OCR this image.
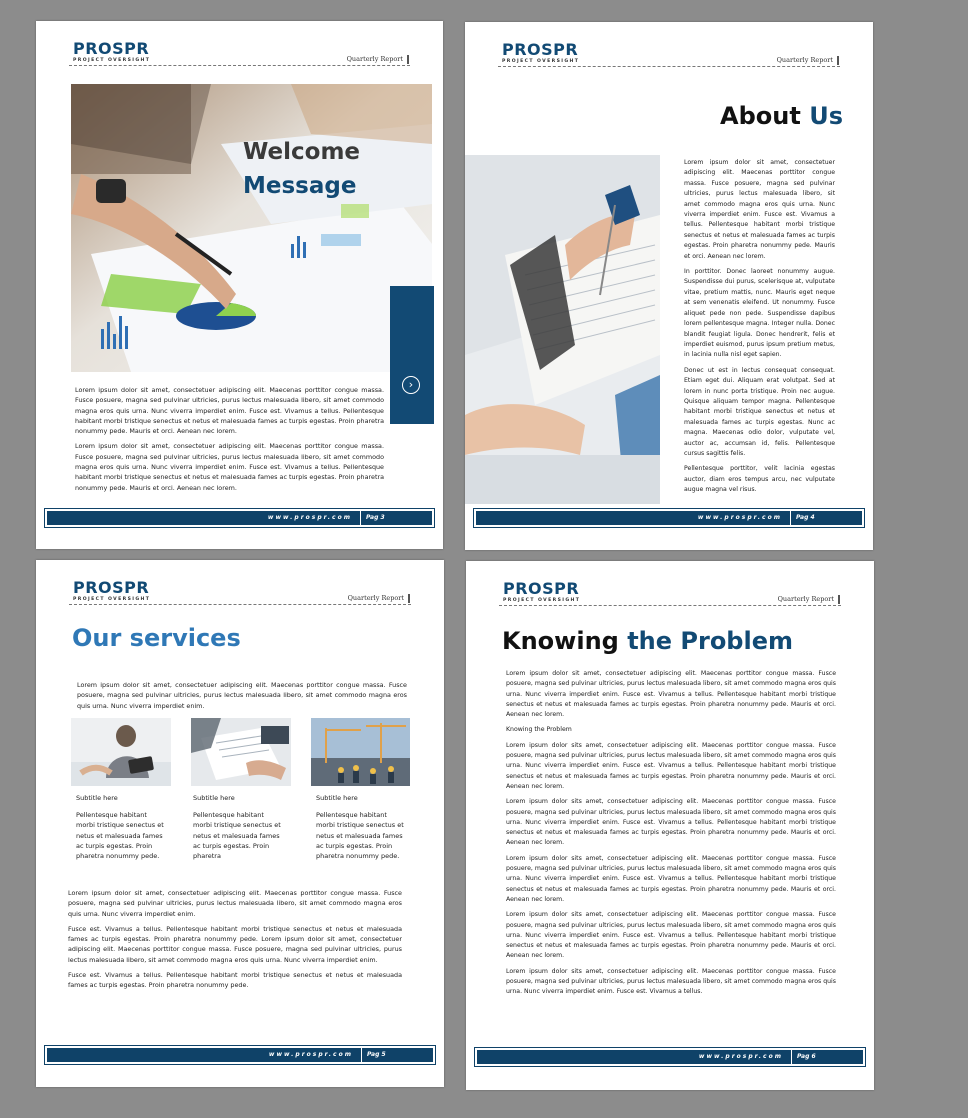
PROSPR
PROJECT OVERSIGHT	Quarterly Report
Welcome
Message
›

Lorem ipsum dolor sit amet, consectetuer adipiscing elit. Maecenas porttitor congue massa. Fusce posuere, magna sed pulvinar ultricies, purus lectus malesuada libero, sit amet commodo magna eros quis urna. Nunc viverra imperdiet enim. Fusce est. Vivamus a tellus. Pellentesque habitant morbi tristique senectus et netus et malesuada fames ac turpis egestas. Proin pharetra nonummy pede. Mauris et orci. Aenean nec lorem.

Lorem ipsum dolor sit amet, consectetuer adipiscing elit. Maecenas porttitor congue massa. Fusce posuere, magna sed pulvinar ultricies, purus lectus malesuada libero, sit amet commodo magna eros quis urna. Nunc viverra imperdiet enim. Fusce est. Vivamus a tellus. Pellentesque habitant morbi tristique senectus et netus et malesuada fames ac turpis egestas. Proin pharetra nonummy pede. Mauris et orci. Aenean nec lorem.

www.prospr.com	Pag 3
PROSPR
PROJECT OVERSIGHT	Quarterly Report
About Us

Lorem ipsum dolor sit amet, consectetuer adipiscing elit. Maecenas porttitor congue massa. Fusce posuere, magna sed pulvinar ultricies, purus lectus malesuada libero, sit amet commodo magna eros quis urna. Nunc viverra imperdiet enim. Fusce est. Vivamus a tellus. Pellentesque habitant morbi tristique senectus et netus et malesuada fames ac turpis egestas. Proin pharetra nonummy pede. Mauris et orci. Aenean nec lorem.

In porttitor. Donec laoreet nonummy augue. Suspendisse dui purus, scelerisque at, vulputate vitae, pretium mattis, nunc. Mauris eget neque at sem venenatis eleifend. Ut nonummy. Fusce aliquet pede non pede. Suspendisse dapibus lorem pellentesque magna. Integer nulla. Donec blandit feugiat ligula. Donec hendrerit, felis et imperdiet euismod, purus ipsum pretium metus, in lacinia nulla nisl eget sapien.

Donec ut est in lectus consequat consequat. Etiam eget dui. Aliquam erat volutpat. Sed at lorem in nunc porta tristique. Proin nec augue. Quisque aliquam tempor magna. Pellentesque habitant morbi tristique senectus et netus et malesuada fames ac turpis egestas. Nunc ac magna. Maecenas odio dolor, vulputate vel, auctor ac, accumsan id, felis. Pellentesque cursus sagittis felis.

Pellentesque porttitor, velit lacinia egestas auctor, diam eros tempus arcu, nec vulputate augue magna vel risus.

www.prospr.com	Pag 4
PROSPR
PROJECT OVERSIGHT	Quarterly Report
Our services

Lorem ipsum dolor sit amet, consectetuer adipiscing elit. Maecenas porttitor congue massa. Fusce posuere, magna sed pulvinar ultricies, purus lectus malesuada libero, sit amet commodo magna eros quis urna. Nunc viverra imperdiet enim.

Subtitle here	Subtitle here	Subtitle here
Pellentesque habitant morbi tristique senectus et netus et malesuada fames ac turpis egestas. Proin pharetra nonummy pede.
Pellentesque habitant morbi tristique senectus et netus et malesuada fames ac turpis egestas. Proin pharetra
Pellentesque habitant morbi tristique senectus et netus et malesuada fames ac turpis egestas. Proin pharetra nonummy pede.

Lorem ipsum dolor sit amet, consectetuer adipiscing elit. Maecenas porttitor congue massa. Fusce posuere, magna sed pulvinar ultricies, purus lectus malesuada libero, sit amet commodo magna eros quis urna. Nunc viverra imperdiet enim.

Fusce est. Vivamus a tellus. Pellentesque habitant morbi tristique senectus et netus et malesuada fames ac turpis egestas. Proin pharetra nonummy pede. Lorem ipsum dolor sit amet, consectetuer adipiscing elit. Maecenas porttitor congue massa. Fusce posuere, magna sed pulvinar ultricies, purus lectus malesuada libero, sit amet commodo magna eros quis urna. Nunc viverra imperdiet enim.

Fusce est. Vivamus a tellus. Pellentesque habitant morbi tristique senectus et netus et malesuada fames ac turpis egestas. Proin pharetra nonummy pede.

www.prospr.com	Pag 5
PROSPR
PROJECT OVERSIGHT	Quarterly Report
Knowing the Problem

Lorem ipsum dolor sit amet, consectetuer adipiscing elit. Maecenas porttitor congue massa. Fusce posuere, magna sed pulvinar ultricies, purus lectus malesuada libero, sit amet commodo magna eros quis urna. Nunc viverra imperdiet enim. Fusce est. Vivamus a tellus. Pellentesque habitant morbi tristique senectus et netus et malesuada fames ac turpis egestas. Proin pharetra nonummy pede. Mauris et orci. Aenean nec lorem.

Knowing the Problem

Lorem ipsum dolor sits amet, consectetuer adipiscing elit. Maecenas porttitor congue massa. Fusce posuere, magna sed pulvinar ultricies, purus lectus malesuada libero, sit amet commodo magna eros quis urna. Nunc viverra imperdiet enim. Fusce est. Vivamus a tellus. Pellentesque habitant morbi tristique senectus et netus et malesuada fames ac turpis egestas. Proin pharetra nonummy pede. Mauris et orci. Aenean nec lorem.

Lorem ipsum dolor sits amet, consectetuer adipiscing elit. Maecenas porttitor congue massa. Fusce posuere, magna sed pulvinar ultricies, purus lectus malesuada libero, sit amet commodo magna eros quis urna. Nunc viverra imperdiet enim. Fusce est. Vivamus a tellus. Pellentesque habitant morbi tristique senectus et netus et malesuada fames ac turpis egestas. Proin pharetra nonummy pede. Mauris et orci. Aenean nec lorem.

Lorem ipsum dolor sits amet, consectetuer adipiscing elit. Maecenas porttitor congue massa. Fusce posuere, magna sed pulvinar ultricies, purus lectus malesuada libero, sit amet commodo magna eros quis urna. Nunc viverra imperdiet enim. Fusce est. Vivamus a tellus. Pellentesque habitant morbi tristique senectus et netus et malesuada fames ac turpis egestas. Proin pharetra nonummy pede. Mauris et orci. Aenean nec lorem.

Lorem ipsum dolor sits amet, consectetuer adipiscing elit. Maecenas porttitor congue massa. Fusce posuere, magna sed pulvinar ultricies, purus lectus malesuada libero, sit amet commodo magna eros quis urna. Nunc viverra imperdiet enim. Fusce est. Vivamus a tellus. Pellentesque habitant morbi tristique senectus et netus et malesuada fames ac turpis egestas. Proin pharetra nonummy pede. Mauris et orci. Aenean nec lorem.

Lorem ipsum dolor sits amet, consectetuer adipiscing elit. Maecenas porttitor congue massa. Fusce posuere, magna sed pulvinar ultricies, purus lectus malesuada libero, sit amet commodo magna eros quis urna. Nunc viverra imperdiet enim. Fusce est. Vivamus a tellus.

www.prospr.com	Pag 6
